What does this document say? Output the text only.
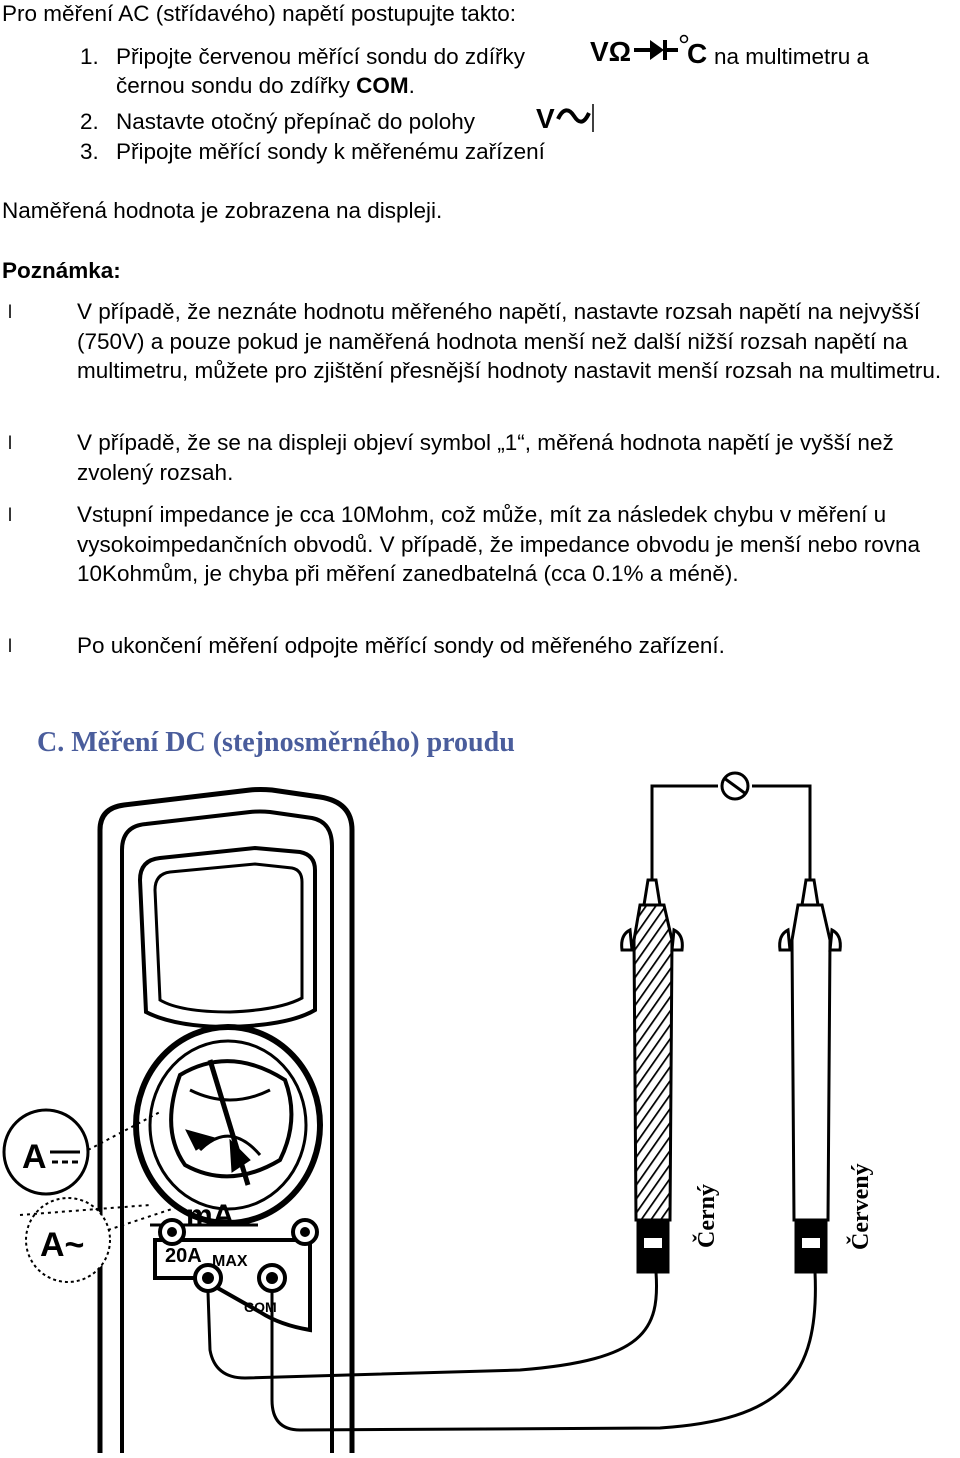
Pro měření AC (střídavého) napětí postupujte takto:
1. Připojte červenou měřící sondu do zdířky VΩ C na multimetru a
černou sondu do zdířky COM.
2. Nastavte otočný přepínač do polohy V
3. Připojte měřící sondy k měřenému zařízení
Naměřená hodnota je zobrazena na displeji.
Poznámka:
l	V případě, že neznáte hodnotu měřeného napětí, nastavte rozsah napětí na nejvyšší (750V) a pouze pokud je naměřená hodnota menší než další nižší rozsah napětí na multimetru, můžete pro zjištění přesnější hodnoty nastavit menší rozsah na multimetru.
l	V případě, že se na displeji objeví symbol „1“, měřená hodnota napětí je vyšší než zvolený rozsah.
l	Vstupní impedance je cca 10Mohm, což může, mít za následek chybu v měření u vysokoimpedančních obvodů. V případě, že impedance obvodu je menší nebo rovna 10Kohmům, je chyba při měření zanedbatelná (cca 0.1% a méně).
l	Po ukončení měření odpojte měřící sondy od měřeného zařízení.
C. Měření DC (stejnosměrného) proudu
A
A~
mA
20A MAX
COM
Černý	Červený
